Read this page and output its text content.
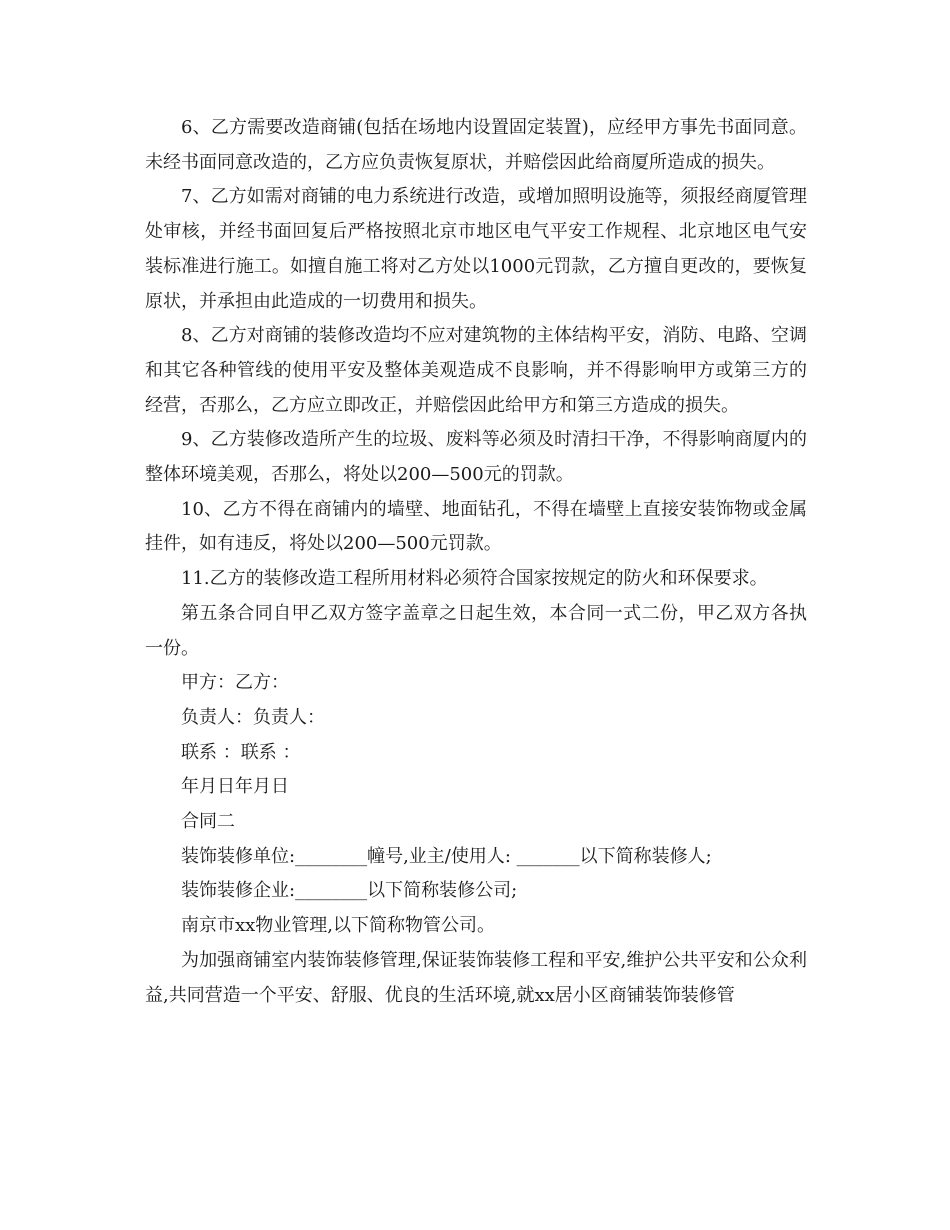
6、乙方需要改造商铺(包括在场地内设置固定装置)，应经甲方事先书面同意。未经书面同意改造的，乙方应负责恢复原状，并赔偿因此给商厦所造成的损失。

7、乙方如需对商铺的电力系统进行改造，或增加照明设施等，须报经商厦管理处审核，并经书面回复后严格按照北京市地区电气平安工作规程、北京地区电气安装标准进行施工。如擅自施工将对乙方处以1000元罚款，乙方擅自更改的，要恢复原状，并承担由此造成的一切费用和损失。

8、乙方对商铺的装修改造均不应对建筑物的主体结构平安，消防、电路、空调和其它各种管线的使用平安及整体美观造成不良影响，并不得影响甲方或第三方的经营，否那么，乙方应立即改正，并赔偿因此给甲方和第三方造成的损失。

9、乙方装修改造所产生的垃圾、废料等必须及时清扫干净，不得影响商厦内的整体环境美观，否那么，将处以200—500元的罚款。

10、乙方不得在商铺内的墙壁、地面钻孔，不得在墙壁上直接安装饰物或金属挂件，如有违反，将处以200—500元罚款。

11.乙方的装修改造工程所用材料必须符合国家按规定的防火和环保要求。

第五条合同自甲乙双方签字盖章之日起生效，本合同一式二份，甲乙双方各执一份。

甲方：乙方：

负责人：负责人：

联系 ：联系 ：

年月日年月日

合同二

装饰装修单位:________幢号,业主/使用人: _______以下简称装修人;

装饰装修企业:________以下简称装修公司;

南京市xx物业管理,以下简称物管公司。

为加强商铺室内装饰装修管理,保证装饰装修工程和平安,维护公共平安和公众利益,共同营造一个平安、舒服、优良的生活环境,就xx居小区商铺装饰装修管
